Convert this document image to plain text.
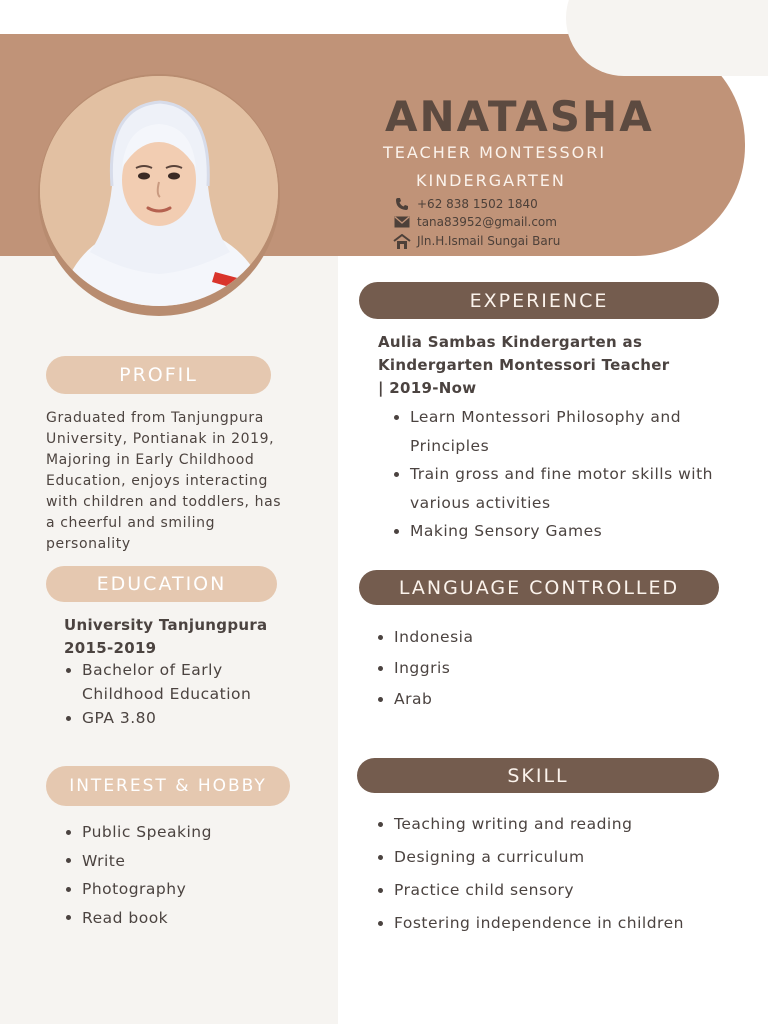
ANATASHA
TEACHER MONTESSORI
KINDERGARTEN
+62 838 1502 1840
tana83952@gmail.com
Jln.H.Ismail Sungai Baru
PROFIL
Graduated from Tanjungpura
University, Pontianak in 2019,
Majoring in Early Childhood
Education, enjoys interacting
with children and toddlers, has
a cheerful and smiling
personality
EDUCATION
University Tanjungpura
2015-2019
Bachelor of Early
Childhood Education
GPA 3.80
INTEREST & HOBBY
Public Speaking
Write
Photography
Read book
EXPERIENCE
Aulia Sambas Kindergarten as
Kindergarten Montessori Teacher
| 2019-Now
Learn Montessori Philosophy and
Principles
Train gross and fine motor skills with
various activities
Making Sensory Games
LANGUAGE CONTROLLED
Indonesia
Inggris
Arab
SKILL
Teaching writing and reading
Designing a curriculum
Practice child sensory
Fostering independence in children
